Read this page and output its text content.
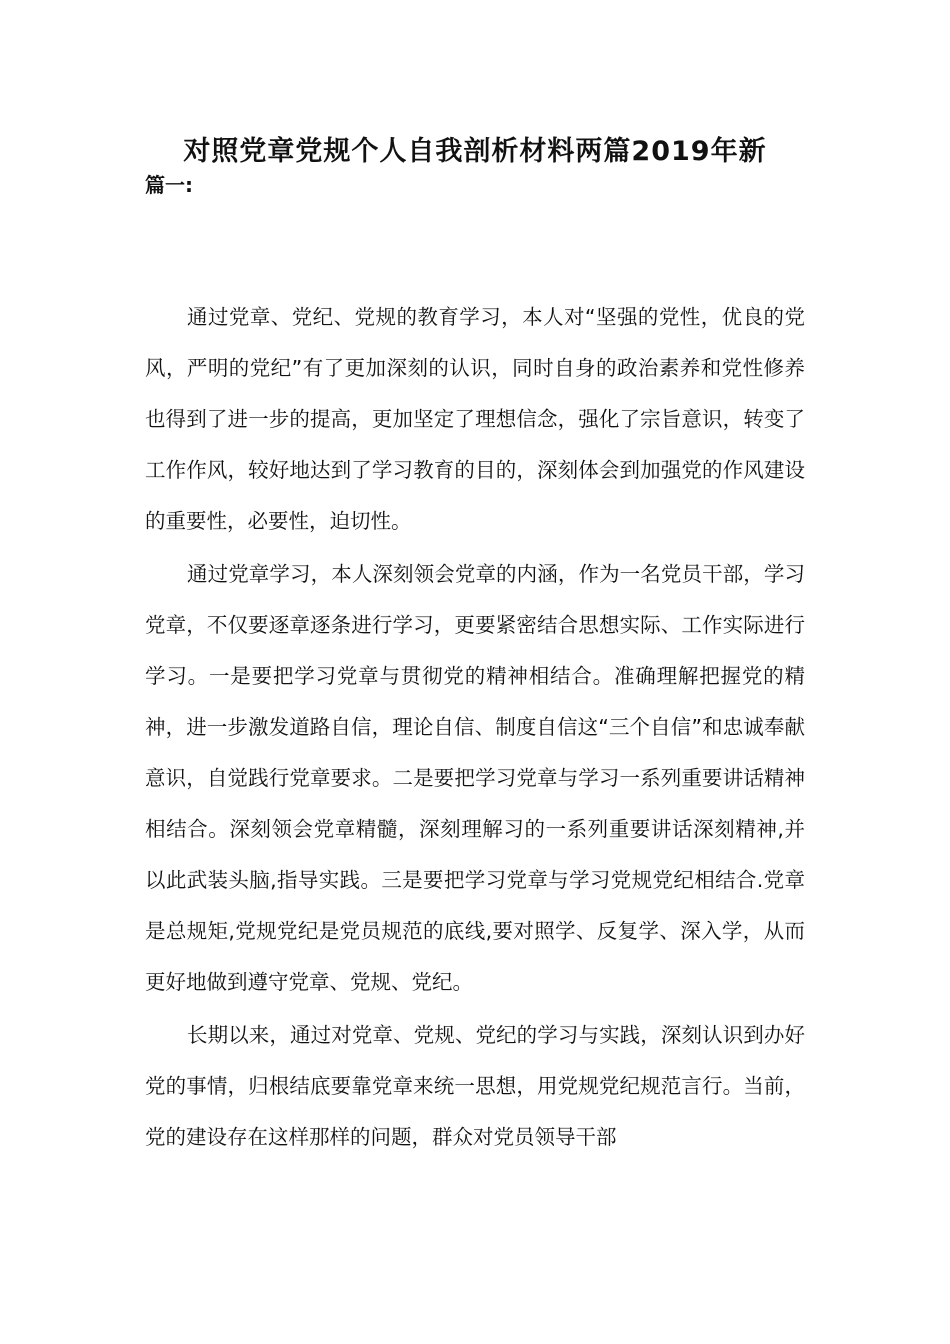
对照党章党规个人自我剖析材料两篇2019年新
篇一:

通过党章、党纪、党规的教育学习，本人对“坚强的党性，优良的党风，严明的党纪”有了更加深刻的认识，同时自身的政治素养和党性修养也得到了进一步的提高，更加坚定了理想信念，强化了宗旨意识，转变了工作作风，较好地达到了学习教育的目的，深刻体会到加强党的作风建设的重要性，必要性，迫切性。

通过党章学习，本人深刻领会党章的内涵，作为一名党员干部，学习党章，不仅要逐章逐条进行学习，更要紧密结合思想实际、工作实际进行学习。一是要把学习党章与贯彻党的精神相结合。准确理解把握党的精神，进一步激发道路自信，理论自信、制度自信这“三个自信”和忠诚奉献意识，自觉践行党章要求。二是要把学习党章与学习一系列重要讲话精神相结合。深刻领会党章精髓，深刻理解习的一系列重要讲话深刻精神,并以此武装头脑,指导实践。三是要把学习党章与学习党规党纪相结合.党章是总规矩,党规党纪是党员规范的底线,要对照学、反复学、深入学，从而更好地做到遵守党章、党规、党纪。

长期以来，通过对党章、党规、党纪的学习与实践，深刻认识到办好党的事情，归根结底要靠党章来统一思想，用党规党纪规范言行。当前，党的建设存在这样那样的问题，群众对党员领导干部
